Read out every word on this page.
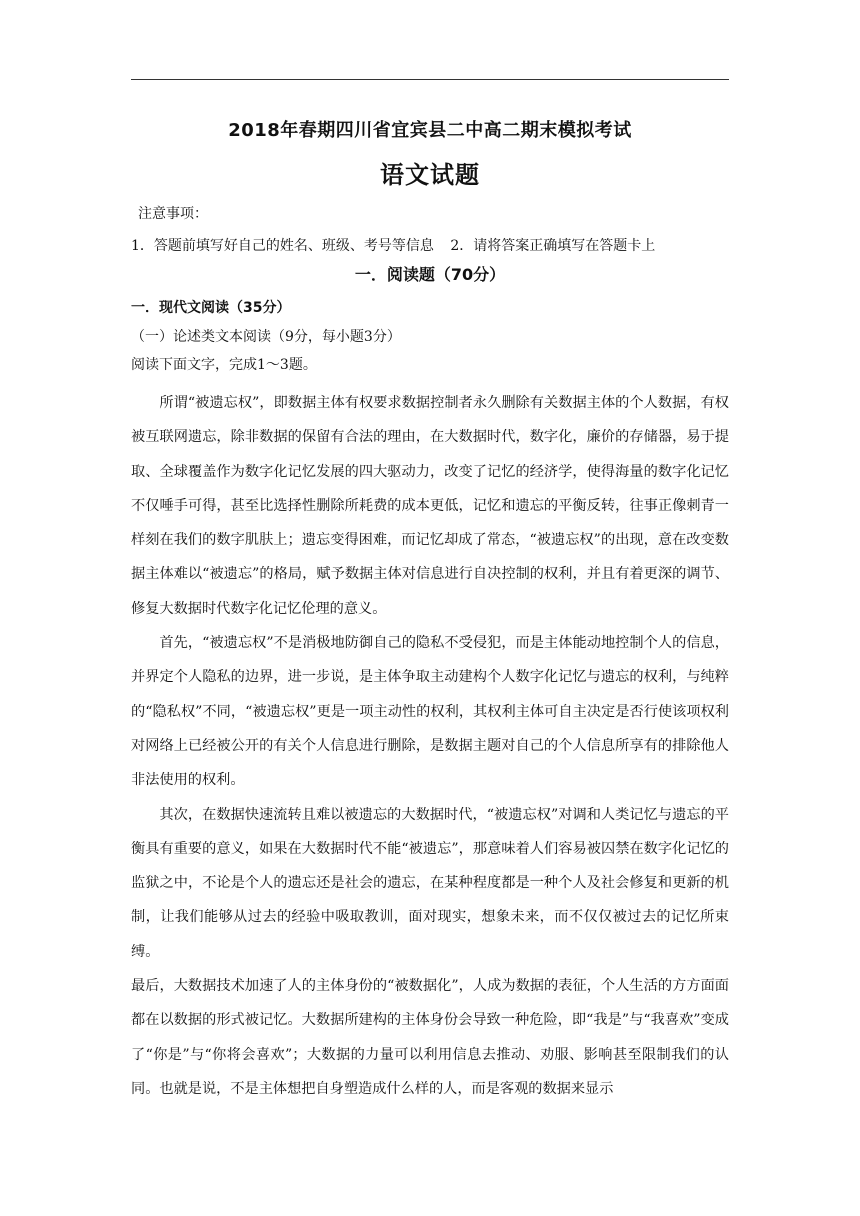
2018年春期四川省宜宾县二中高二期末模拟考试
语文试题
注意事项：
1．答题前填写好自己的姓名、班级、考号等信息 2．请将答案正确填写在答题卡上
一．阅读题（70分）
一．现代文阅读（35分）
（一）论述类文本阅读（9分，每小题3分）
阅读下面文字，完成1～3题。

所谓“被遗忘权”，即数据主体有权要求数据控制者永久删除有关数据主体的个人数据，有权被互联网遗忘，除非数据的保留有合法的理由，在大数据时代，数字化，廉价的存储器，易于提取、全球覆盖作为数字化记忆发展的四大驱动力，改变了记忆的经济学，使得海量的数字化记忆不仅唾手可得，甚至比选择性删除所耗费的成本更低，记忆和遗忘的平衡反转，往事正像刺青一样刻在我们的数字肌肤上；遗忘变得困难，而记忆却成了常态，“被遗忘权”的出现，意在改变数据主体难以“被遗忘”的格局，赋予数据主体对信息进行自决控制的权利，并且有着更深的调节、修复大数据时代数字化记忆伦理的意义。

首先，“被遗忘权”不是消极地防御自己的隐私不受侵犯，而是主体能动地控制个人的信息，并界定个人隐私的边界，进一步说，是主体争取主动建构个人数字化记忆与遗忘的权利，与纯粹的“隐私权”不同，“被遗忘权”更是一项主动性的权利，其权利主体可自主决定是否行使该项权利对网络上已经被公开的有关个人信息进行删除，是数据主题对自己的个人信息所享有的排除他人非法使用的权利。

其次，在数据快速流转且难以被遗忘的大数据时代，“被遗忘权”对调和人类记忆与遗忘的平衡具有重要的意义，如果在大数据时代不能“被遗忘”，那意味着人们容易被囚禁在数字化记忆的监狱之中，不论是个人的遗忘还是社会的遗忘，在某种程度都是一种个人及社会修复和更新的机制，让我们能够从过去的经验中吸取教训，面对现实，想象未来，而不仅仅被过去的记忆所束缚。

最后，大数据技术加速了人的主体身份的“被数据化”，人成为数据的表征，个人生活的方方面面都在以数据的形式被记忆。大数据所建构的主体身份会导致一种危险，即“我是”与“我喜欢”变成了“你是”与“你将会喜欢”；大数据的力量可以利用信息去推动、劝服、影响甚至限制我们的认同。也就是说，不是主体想把自身塑造成什么样的人，而是客观的数据来显示
